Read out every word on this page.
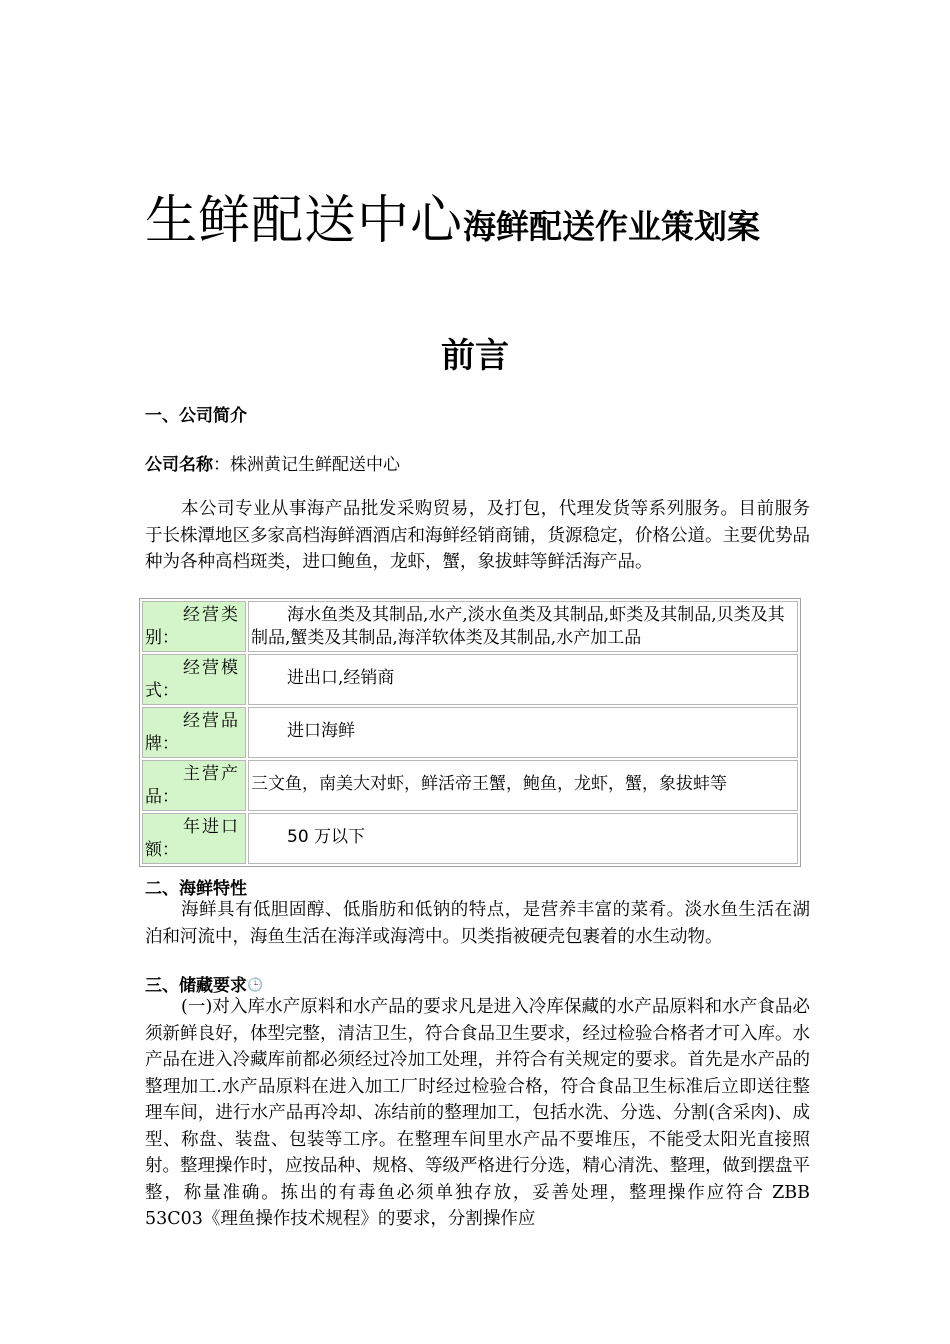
生鲜配送中心海鲜配送作业策划案
前言
一、公司简介
公司名称：株洲黄记生鲜配送中心
本公司专业从事海产品批发采购贸易，及打包，代理发货等系列服务。目前服务于长株潭地区多家高档海鲜酒酒店和海鲜经销商铺，货源稳定，价格公道。主要优势品种为各种高档斑类，进口鲍鱼，龙虾，蟹，象拔蚌等鲜活海产品。
经营类
别：	海水鱼类及其制品,水产,淡水鱼类及其制品,虾类及其制品,贝类及其制品,蟹类及其制品,海洋软体类及其制品,水产加工品

经营模
式：	进出口,经销商

经营品
牌：	进口海鲜

主营产
品：	三文鱼，南美大对虾，鲜活帝王蟹，鲍鱼，龙虾，蟹，象拔蚌等

年进口
额：	50 万以下
二、海鲜特性
海鲜具有低胆固醇、低脂肪和低钠的特点，是营养丰富的菜肴。淡水鱼生活在湖泊和河流中，海鱼生活在海洋或海湾中。贝类指被硬壳包裹着的水生动物。
三、储藏要求🕒
(一)对入库水产原料和水产品的要求凡是进入冷库保藏的水产品原料和水产食品必须新鲜良好，体型完整，清洁卫生，符合食品卫生要求，经过检验合格者才可入库。水产品在进入冷藏库前都必须经过冷加工处理，并符合有关规定的要求。首先是水产品的整理加工.水产品原料在进入加工厂时经过检验合格，符合食品卫生标准后立即送往整理车间，进行水产品再冷却、冻结前的整理加工，包括水洗、分选、分割(含采肉)、成型、称盘、装盘、包装等工序。在整理车间里水产品不要堆压，不能受太阳光直接照射。整理操作时，应按品种、规格、等级严格进行分选，精心清洗、整理，做到摆盘平整，称量准确。拣出的有毒鱼必须单独存放，妥善处理，整理操作应符合 ZBB 53C03《理鱼操作技术规程》的要求，分割操作应
